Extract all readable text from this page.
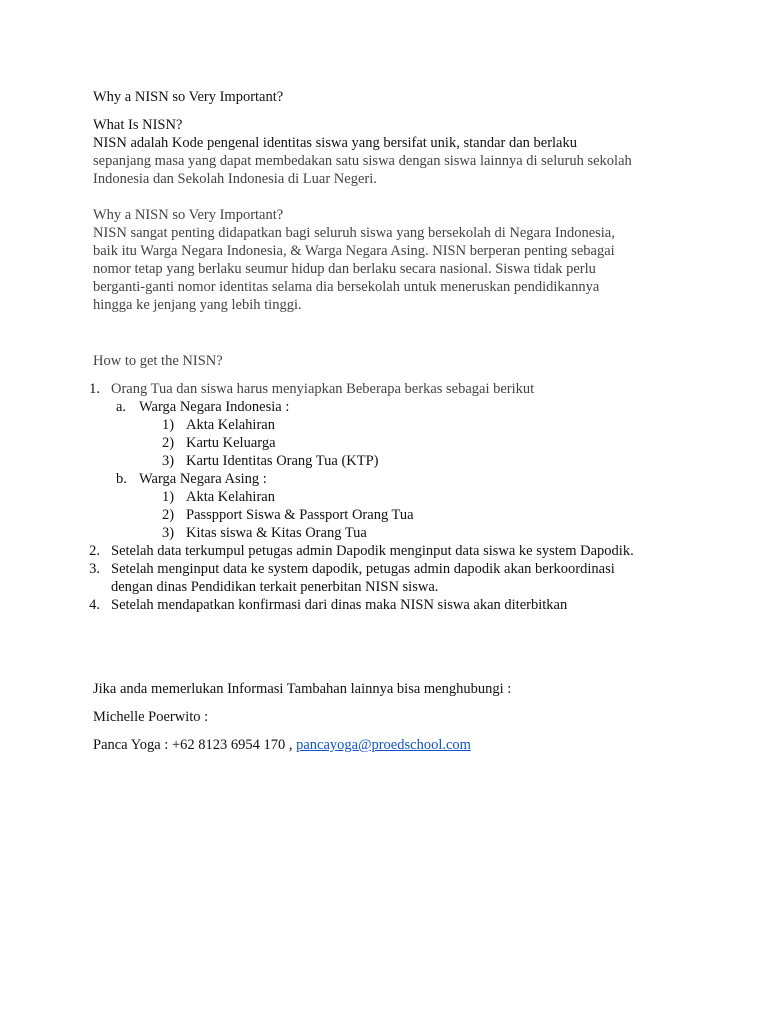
Why a NISN so Very Important?
What Is NISN?
NISN adalah Kode pengenal identitas siswa yang bersifat unik, standar dan berlaku
sepanjang masa yang dapat membedakan satu siswa dengan siswa lainnya di seluruh sekolah
Indonesia dan Sekolah Indonesia di Luar Negeri.
Why a NISN so Very Important?
NISN sangat penting didapatkan bagi seluruh siswa yang bersekolah di Negara Indonesia,
baik itu Warga Negara Indonesia, & Warga Negara Asing. NISN berperan penting sebagai
nomor tetap yang berlaku seumur hidup dan berlaku secara nasional. Siswa tidak perlu
berganti-ganti nomor identitas selama dia bersekolah untuk meneruskan pendidikannya
hingga ke jenjang yang lebih tinggi.
How to get the NISN?
1. Orang Tua dan siswa harus menyiapkan Beberapa berkas sebagai berikut
a. Warga Negara Indonesia :
1) Akta Kelahiran
2) Kartu Keluarga
3) Kartu Identitas Orang Tua (KTP)
b. Warga Negara Asing :
1) Akta Kelahiran
2) Passpport Siswa & Passport Orang Tua
3) Kitas siswa & Kitas Orang Tua
2. Setelah data terkumpul petugas admin Dapodik menginput data siswa ke system Dapodik.
3. Setelah menginput data ke system dapodik, petugas admin dapodik akan berkoordinasi
dengan dinas Pendidikan terkait penerbitan NISN siswa.
4. Setelah mendapatkan konfirmasi dari dinas maka NISN siswa akan diterbitkan
Jika anda memerlukan Informasi Tambahan lainnya bisa menghubungi :
Michelle Poerwito :
Panca Yoga : +62 8123 6954 170 , pancayoga@proedschool.com
